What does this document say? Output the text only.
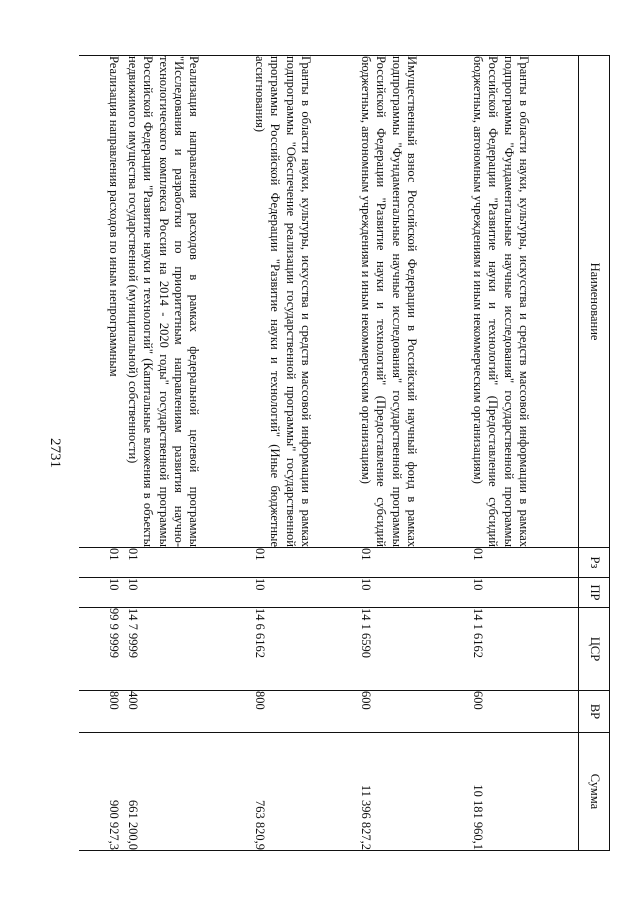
2731
Наименование	Рз	ПР	ЦСР	ВР	Сумма
Гранты в области науки, культуры, искусства и средств массовой информации в рамках подпрограммы "Фундаментальные научные исследования" государственной программы Российской Федерации "Развитие науки и технологий" (Предоставление субсидий бюджетным, автономным учреждениям и иным некоммерческим организациям)	01	10	14 1 6162	600	10 181 960,1
Имущественный взнос Российской Федерации в Российский научный фонд в рамках подпрограммы "Фундаментальные научные исследования" государственной программы Российской Федерации "Развитие науки и технологий" (Предоставление субсидий бюджетным, автономным учреждениям и иным некоммерческим организациям)	01	10	14 1 6590	600	11 396 827,2
Гранты в области науки, культуры, искусства и средств массовой информации в рамках подпрограммы "Обеспечение реализации государственной программы" государственной программы Российской Федерации "Развитие науки и технологий" (Иные бюджетные ассигнования)	01	10	14 6 6162	800	763 820,9
Реализация направления расходов в рамках федеральной целевой программы "Исследования и разработки по приоритетным направлениям развития научно-технологического комплекса России на 2014 - 2020 годы" государственной программы Российской Федерации "Развитие науки и технологий" (Капитальные вложения в объекты недвижимого имущества государственной (муниципальной) собственности)	01	10	14 7 9999	400	661 200,0
Реализация направления расходов по иным непрограммным	01	10	99 9 9999	800	900 927,3
